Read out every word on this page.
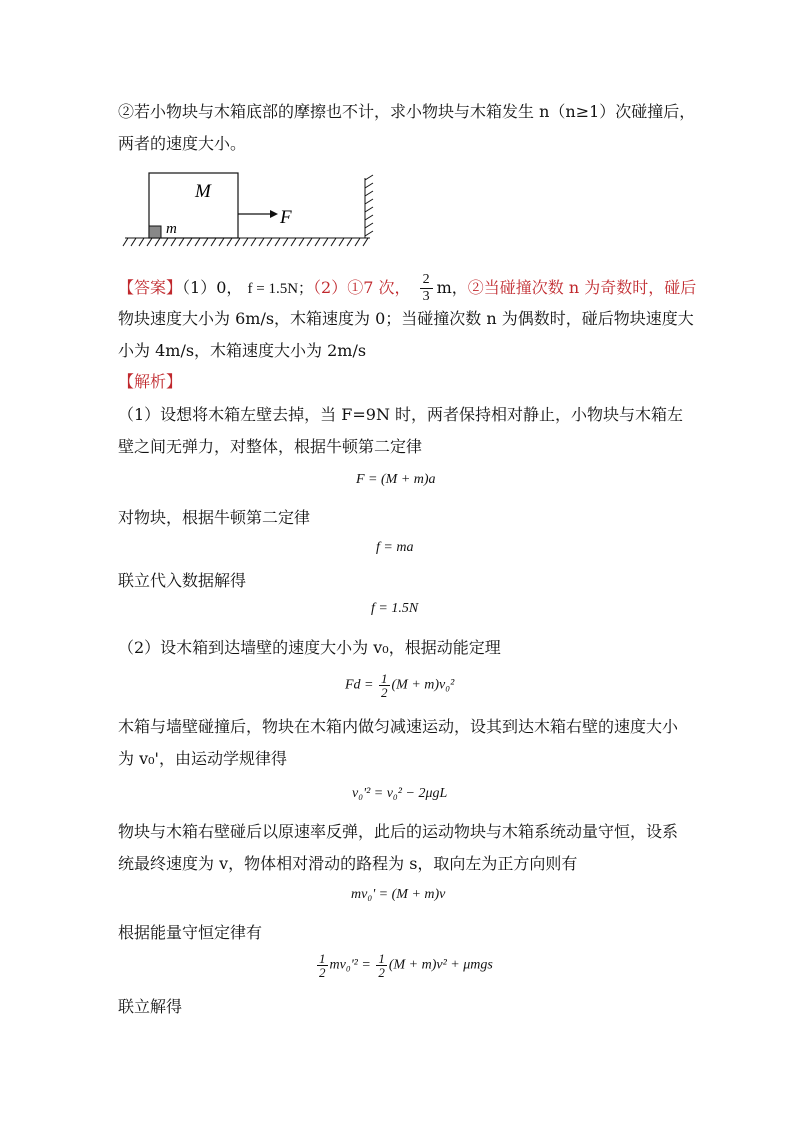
②若小物块与木箱底部的摩擦也不计，求小物块与木箱发生 n（n≥1）次碰撞后，
两者的速度大小。
M
m
F
【答案】（1）0， f = 1.5N；（2）①7 次， $\frac{2}{3}$ m，②当碰撞次数 n 为奇数时，碰后
物块速度大小为 6m/s，木箱速度为 0；当碰撞次数 n 为偶数时，碰后物块速度大
小为 4m/s，木箱速度大小为 2m/s
【解析】
（1）设想将木箱左壁去掉，当 F=9N 时，两者保持相对静止，小物块与木箱左
壁之间无弹力，对整体，根据牛顿第二定律
F = (M + m)a
对物块，根据牛顿第二定律
f = ma
联立代入数据解得
f = 1.5N
（2）设木箱到达墙壁的速度大小为 v₀，根据动能定理
$Fd = \frac{1}{2} (M + m)v_0^2$
木箱与墙壁碰撞后，物块在木箱内做匀减速运动，设其到达木箱右壁的速度大小
为 v₀'，由运动学规律得
v₀'² = v₀² − 2μgL
物块与木箱右壁碰后以原速率反弹，此后的运动物块与木箱系统动量守恒，设系
统最终速度为 v，物体相对滑动的路程为 s，取向左为正方向则有
mv₀' = (M + m)v
根据能量守恒定律有
$\frac{1}{2} mv_0'^2 = \frac{1}{2} (M + m)v^2 + \mu mgs$
联立解得
